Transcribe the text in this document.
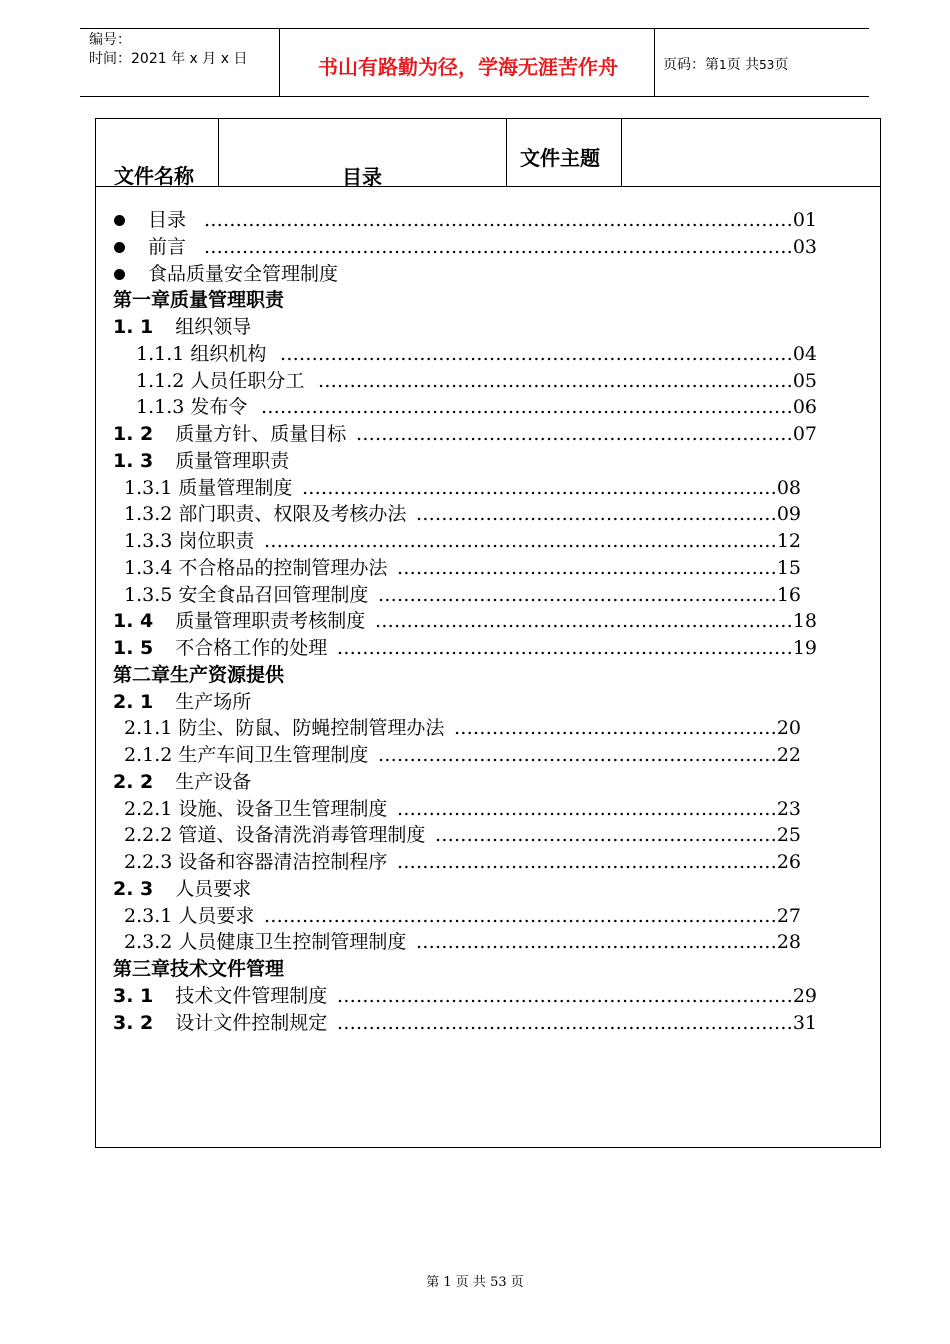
编号：
时间：2021 年 x 月 x 日	书山有路勤为径，学海无涯苦作舟	页码：第1页 共53页
文件名称	目录
文件主题
目录 …………………………………………………………………………………01
前言 …………………………………………………………………………………03
食品质量安全管理制度
第一章质量管理职责
1. 1 组织领导
1.1.1 组织机构 ………………………………………………………………………04
1.1.2 人员任职分工 …………………………………………………………………05
1.1.3 发布令 …………………………………………………………………………06
1. 2 质量方针、质量目标 ……………………………………………………………07
1. 3 质量管理职责
1.3.1 质量管理制度 …………………………………………………………………08
1.3.2 部门职责、权限及考核办法 …………………………………………………09
1.3.3 岗位职责 ………………………………………………………………………12
1.3.4 不合格品的控制管理办法 ……………………………………………………15
1.3.5 安全食品召回管理制度 ………………………………………………………16
1. 4 质量管理职责考核制度 …………………………………………………………18
1. 5 不合格工作的处理 ………………………………………………………………19
第二章生产资源提供
2. 1 生产场所
2.1.1 防尘、防鼠、防蝇控制管理办法 ……………………………………………20
2.1.2 生产车间卫生管理制度 ………………………………………………………22
2. 2 生产设备
2.2.1 设施、设备卫生管理制度 ……………………………………………………23
2.2.2 管道、设备清洗消毒管理制度 ………………………………………………25
2.2.3 设备和容器清洁控制程序 ……………………………………………………26
2. 3 人员要求
2.3.1 人员要求 ………………………………………………………………………27
2.3.2 人员健康卫生控制管理制度 …………………………………………………28
第三章技术文件管理
3. 1 技术文件管理制度 ………………………………………………………………29
3. 2 设计文件控制规定 ………………………………………………………………31
第 1 页 共 53 页
